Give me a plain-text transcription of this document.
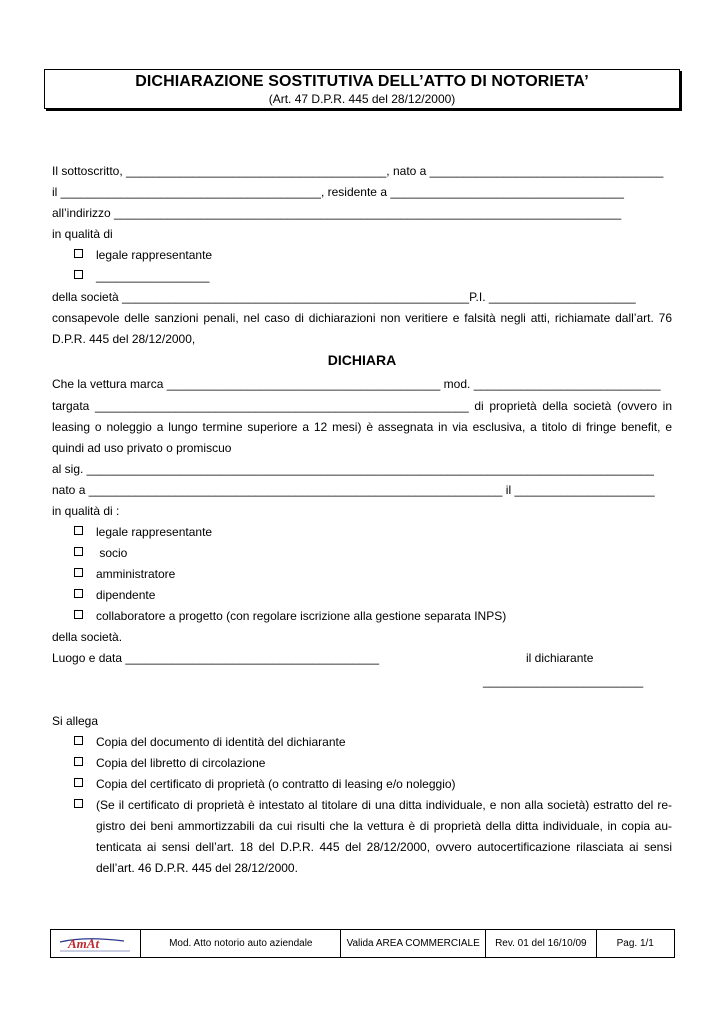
DICHIARAZIONE SOSTITUTIVA DELL’ATTO DI NOTORIETA’
(Art. 47 D.P.R. 445 del 28/12/2000)
Il sottoscritto, _______________________________________, nato a ___________________________________
il _______________________________________, residente a ___________________________________
all’indirizzo ____________________________________________________________________________
in qualità di
legale rappresentante
_________________
della società ____________________________________________________P.I. ______________________
consapevole delle sanzioni penali, nel caso di dichiarazioni non veritiere e falsità negli atti, richiamate dall’art. 76
D.P.R. 445 del 28/12/2000,
DICHIARA
Che la vettura marca _________________________________________ mod. ____________________________
targata ________________________________________________________ di proprietà della società (ovvero in
leasing o noleggio a lungo termine superiore a 12 mesi) è assegnata in via esclusiva, a titolo di fringe benefit, e
quindi ad uso privato o promiscuo
al sig. _____________________________________________________________________________________
nato a ______________________________________________________________ il _____________________
in qualità di :
legale rappresentante
socio
amministratore
dipendente
collaboratore a progetto (con regolare iscrizione alla gestione separata INPS)
della società.
Luogo e data ______________________________________	il dichiarante
________________________
Si allega
Copia del documento di identità del dichiarante
Copia del libretto di circolazione
Copia del certificato di proprietà (o contratto di leasing e/o noleggio)
(Se il certificato di proprietà è intestato al titolare di una ditta individuale, e non alla società) estratto del re-
gistro dei beni ammortizzabili da cui risulti che la vettura è di proprietà della ditta individuale, in copia au-
tenticata ai sensi dell’art. 18 del D.P.R. 445 del 28/12/2000, ovvero autocertificazione rilasciata ai sensi
dell’art. 46 D.P.R. 445 del 28/12/2000.
AmAt	Mod. Atto notorio auto aziendale	Valida AREA COMMERCIALE	Rev. 01 del 16/10/09	Pag. 1/1
